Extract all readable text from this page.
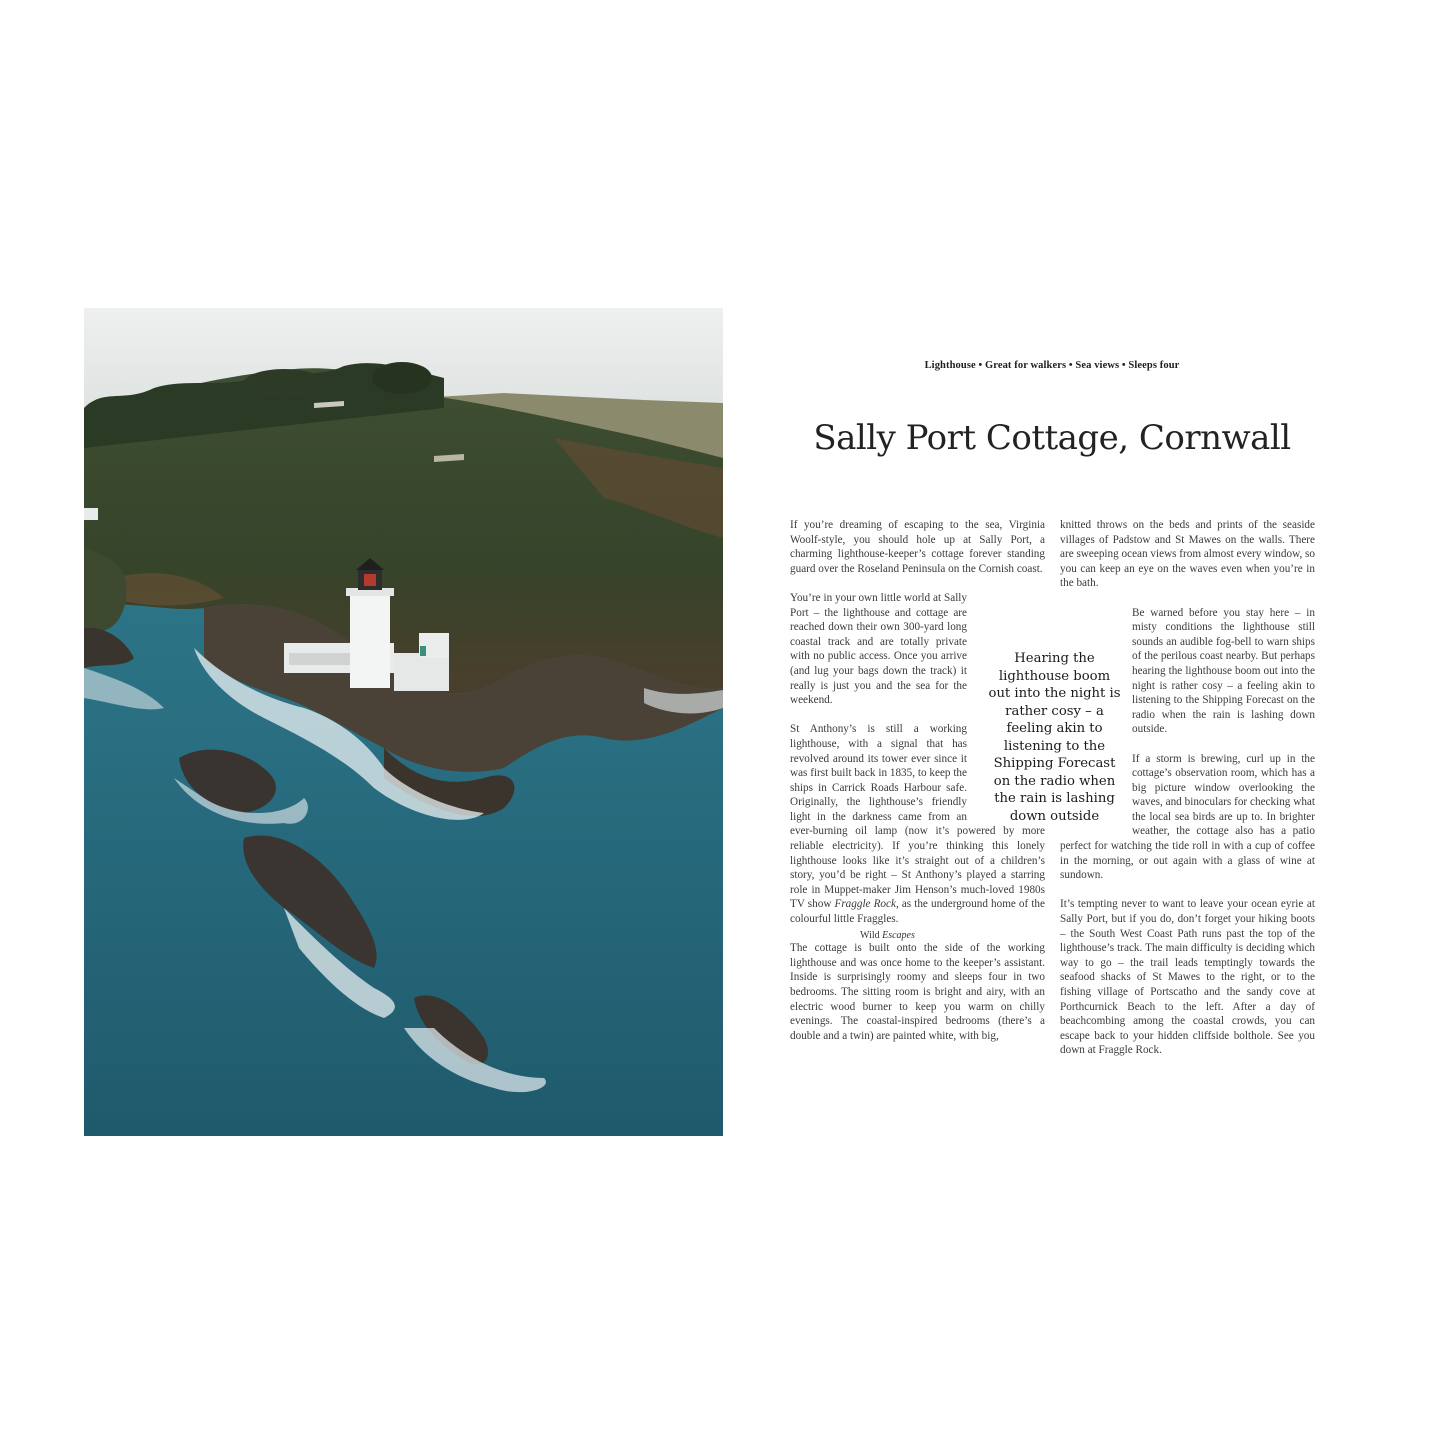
Lighthouse • Great for walkers • Sea views • Sleeps four
Sally Port Cottage, Cornwall

If you’re dreaming of escaping to the sea, Virginia Woolf-style, you should hole up at Sally Port, a charming lighthouse-keeper’s cottage forever standing guard over the Roseland Peninsula on the Cornish coast.

You’re in your own little world at Sally Port – the lighthouse and cottage are reached down their own 300-yard long coastal track and are totally private with no public access. Once you arrive (and lug your bags down the track) it really is just you and the sea for the weekend.

St Anthony’s is still a working lighthouse, with a signal that has revolved around its tower ever since it was first built back in 1835, to keep the ships in Carrick Roads Harbour safe. Originally, the lighthouse’s friendly light in the darkness came from an ever-burning oil lamp (now it’s powered by more reliable electricity). If you’re thinking this lonely lighthouse looks like it’s straight out of a children’s story, you’d be right – St Anthony’s played a starring role in Muppet-maker Jim Henson’s much-loved 1980s TV show Fraggle Rock, as the underground home of the colourful little Fraggles.

The cottage is built onto the side of the working lighthouse and was once home to the keeper’s assistant. Inside is surprisingly roomy and sleeps four in two bedrooms. The sitting room is bright and airy, with an electric wood burner to keep you warm on chilly evenings. The coastal-inspired bedrooms (there’s a double and a twin) are painted white, with big,

knitted throws on the beds and prints of the seaside villages of Padstow and St Mawes on the walls. There are sweeping ocean views from almost every window, so you can keep an eye on the waves even when you’re in the bath.

Be warned before you stay here – in misty conditions the lighthouse still sounds an audible fog-bell to warn ships of the perilous coast nearby. But perhaps hearing the lighthouse boom out into the night is rather cosy – a feeling akin to listening to the Shipping Forecast on the radio when the rain is lashing down outside.

If a storm is brewing, curl up in the cottage’s observation room, which has a big picture window overlooking the waves, and binoculars for checking what the local sea birds are up to. In brighter weather, the cottage also has a patio perfect for watching the tide roll in with a cup of coffee in the morning, or out again with a glass of wine at sundown.

It’s tempting never to want to leave your ocean eyrie at Sally Port, but if you do, don’t forget your hiking boots – the South West Coast Path runs past the top of the lighthouse’s track. The main difficulty is deciding which way to go – the trail leads temptingly towards the seafood shacks of St Mawes to the right, or to the fishing village of Portscatho and the sandy cove at Porthcurnick Beach to the left. After a day of beachcombing among the coastal crowds, you can escape back to your hidden cliffside bolthole. See you down at Fraggle Rock.

Hearing the lighthouse boom out into the night is rather cosy – a feeling akin to listening to the Shipping Forecast on the radio when the rain is lashing down outside
Wild Escapes
